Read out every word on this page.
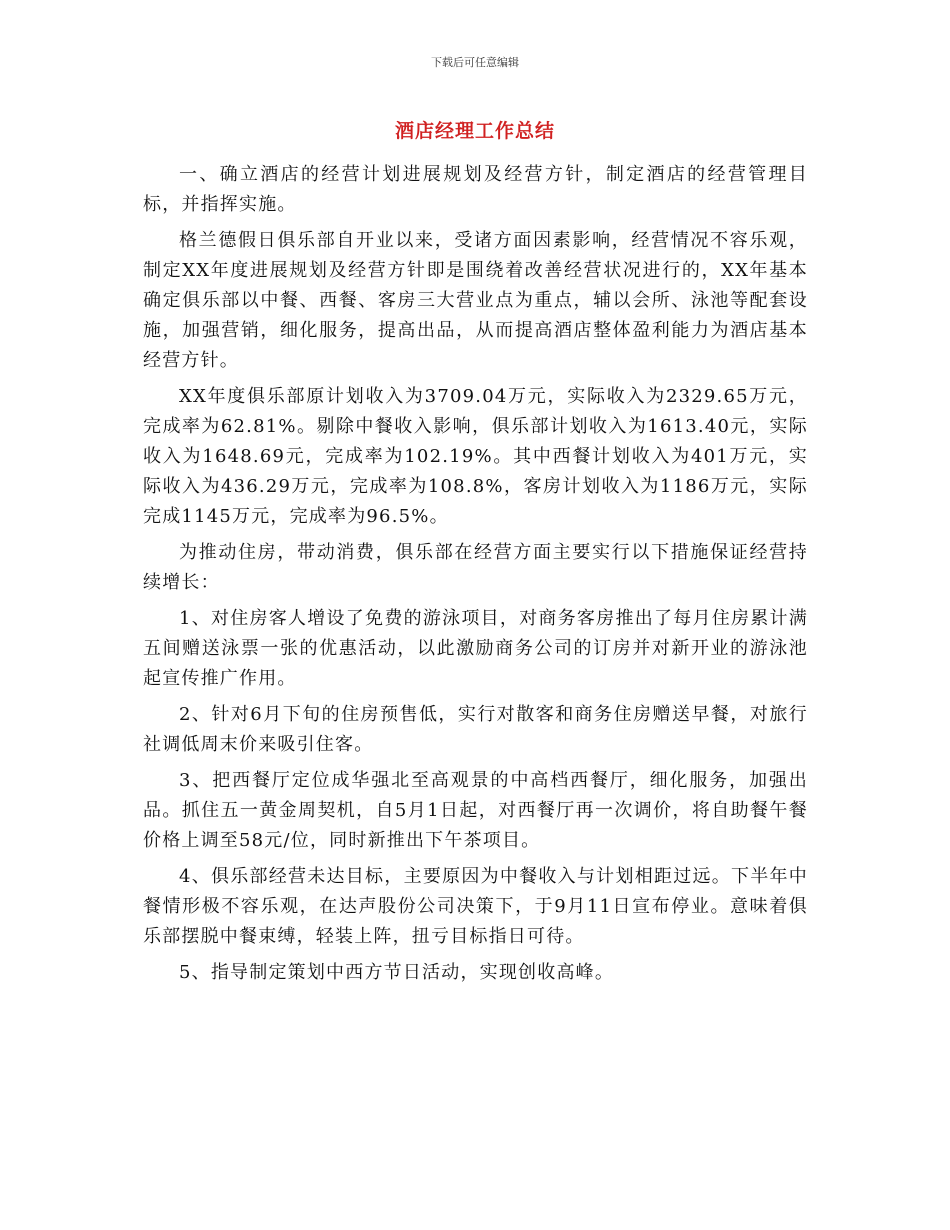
下载后可任意编辑
酒店经理工作总结

一、确立酒店的经营计划进展规划及经营方针，制定酒店的经营管理目标，并指挥实施。

格兰德假日俱乐部自开业以来，受诸方面因素影响，经营情况不容乐观，制定XX年度进展规划及经营方针即是围绕着改善经营状况进行的，XX年基本确定俱乐部以中餐、西餐、客房三大营业点为重点，辅以会所、泳池等配套设施，加强营销，细化服务，提高出品，从而提高酒店整体盈利能力为酒店基本经营方针。

XX年度俱乐部原计划收入为3709.04万元，实际收入为2329.65万元，完成率为62.81%。剔除中餐收入影响，俱乐部计划收入为1613.40元，实际收入为1648.69元，完成率为102.19%。其中西餐计划收入为401万元，实际收入为436.29万元，完成率为108.8%，客房计划收入为1186万元，实际完成1145万元，完成率为96.5%。

为推动住房，带动消费，俱乐部在经营方面主要实行以下措施保证经营持续增长：

1、对住房客人增设了免费的游泳项目，对商务客房推出了每月住房累计满五间赠送泳票一张的优惠活动，以此激励商务公司的订房并对新开业的游泳池起宣传推广作用。

2、针对6月下旬的住房预售低，实行对散客和商务住房赠送早餐，对旅行社调低周末价来吸引住客。

3、把西餐厅定位成华强北至高观景的中高档西餐厅，细化服务，加强出品。抓住五一黄金周契机，自5月1日起，对西餐厅再一次调价，将自助餐午餐价格上调至58元/位，同时新推出下午茶项目。

4、俱乐部经营未达目标，主要原因为中餐收入与计划相距过远。下半年中餐情形极不容乐观，在达声股份公司决策下，于9月11日宣布停业。意味着俱乐部摆脱中餐束缚，轻装上阵，扭亏目标指日可待。

5、指导制定策划中西方节日活动，实现创收高峰。
